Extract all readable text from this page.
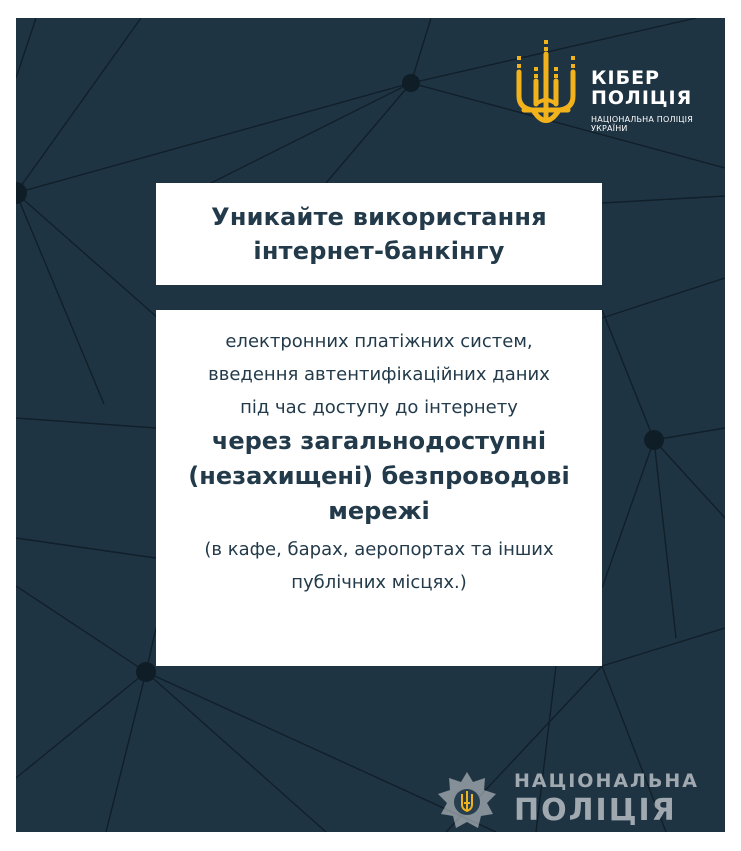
КІБЕР
ПОЛІЦІЯ
НАЦІОНАЛЬНА ПОЛІЦІЯ
УКРАЇНИ
Уникайте використання
інтернет-банкінгу
електронних платіжних систем,
введення автентифікаційних даних
під час доступу до інтернету
через загальнодоступні
(незахищені) безпроводові
мережі
(в кафе, барах, аеропортах та інших
публічних місцях.)
НАЦІОНАЛЬНА
ПОЛІЦІЯ
